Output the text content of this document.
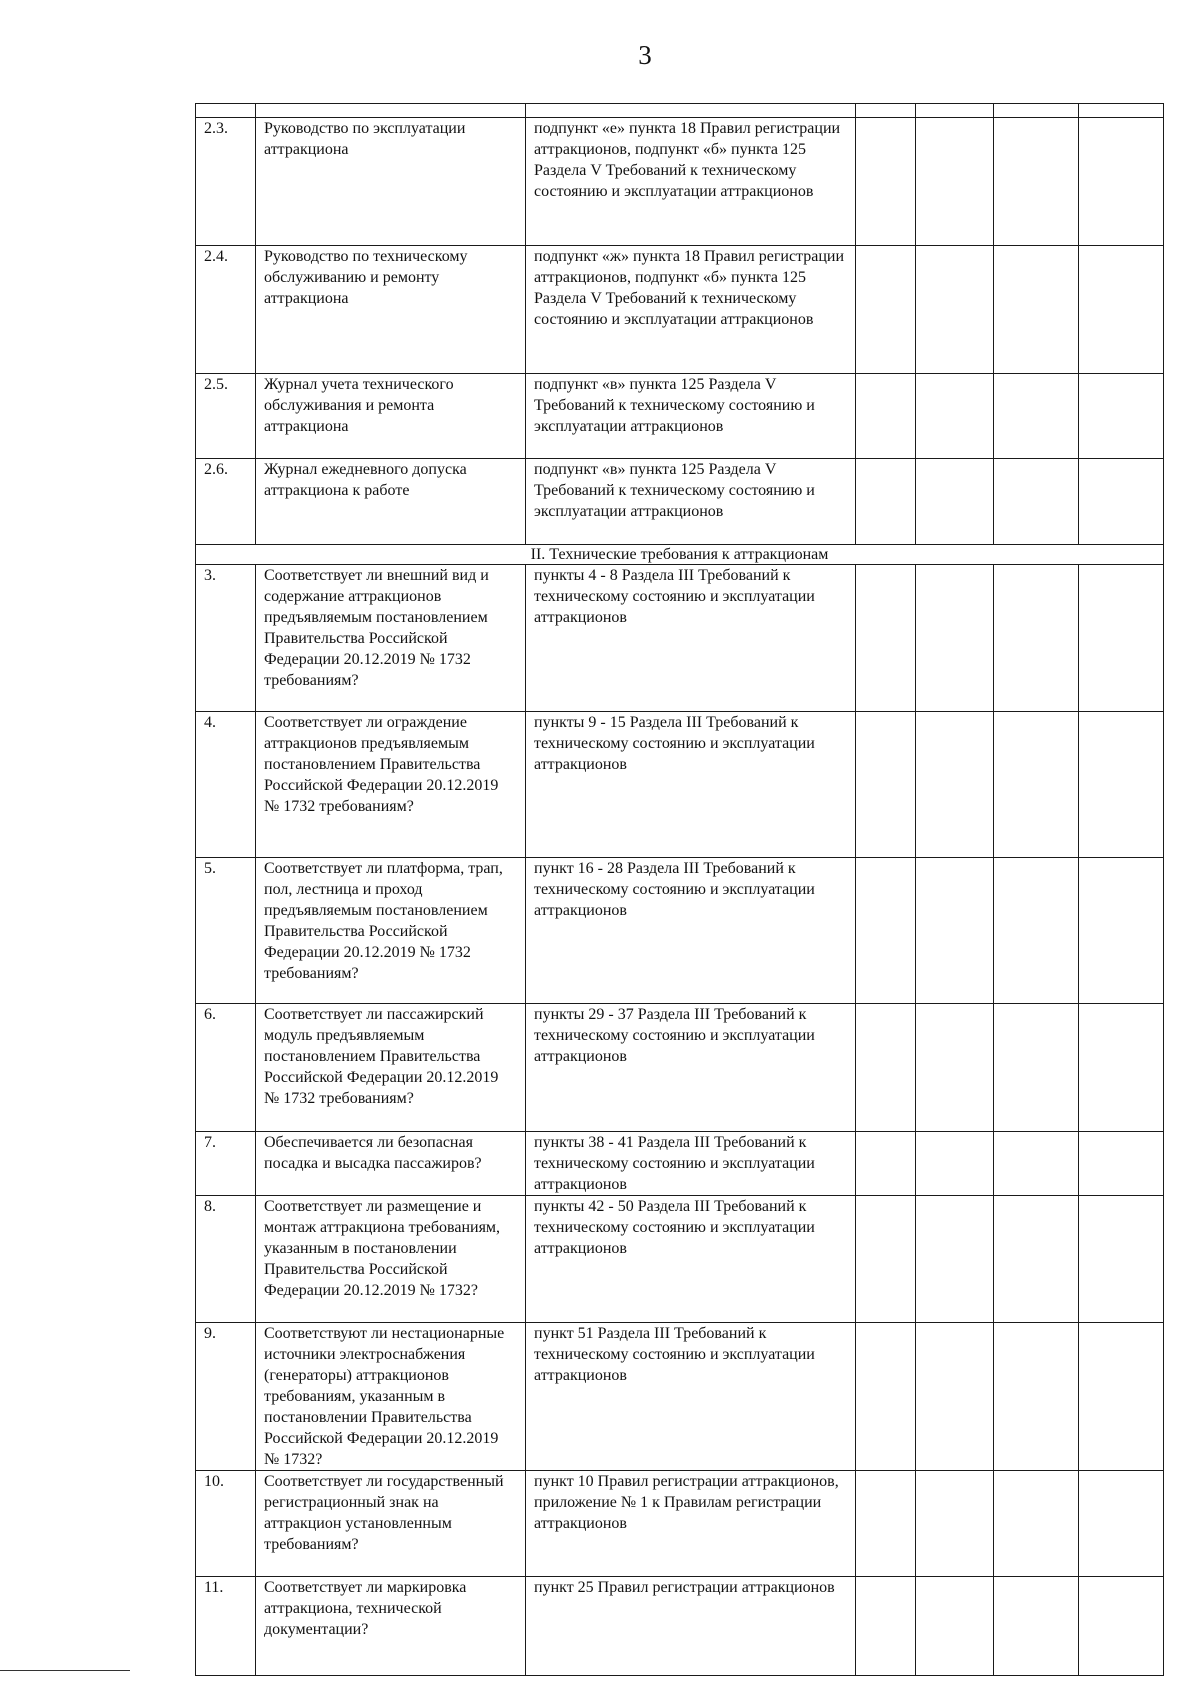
3

2.3.	Руководство по эксплуатации аттракциона	подпункт «е» пункта 18 Правил регистрации аттракционов, подпункт «б» пункта 125 Раздела V Требований к техническому состоянию и эксплуатации аттракционов				
2.4.	Руководство по техническому обслуживанию и ремонту аттракциона	подпункт «ж» пункта 18 Правил регистрации аттракционов, подпункт «б» пункта 125 Раздела V Требований к техническому состоянию и эксплуатации аттракционов				
2.5.	Журнал учета технического обслуживания и ремонта аттракциона	подпункт «в» пункта 125 Раздела V Требований к техническому состоянию и эксплуатации аттракционов				
2.6.	Журнал ежедневного допуска аттракциона к работе	подпункт «в» пункта 125 Раздела V Требований к техническому состоянию и эксплуатации аттракционов				
II. Технические требования к аттракционам						
3.	Соответствует ли внешний вид и содержание аттракционов предъявляемым постановлением Правительства Российской Федерации 20.12.2019 № 1732 требованиям?	пункты 4 - 8 Раздела III Требований к техническому состоянию и эксплуатации аттракционов				
4.	Соответствует ли ограждение аттракционов предъявляемым постановлением Правительства Российской Федерации 20.12.2019 № 1732 требованиям?	пункты 9 - 15 Раздела III Требований к техническому состоянию и эксплуатации аттракционов				
5.	Соответствует ли платформа, трап, пол, лестница и проход предъявляемым постановлением Правительства Российской Федерации 20.12.2019 № 1732 требованиям?	пункт 16 - 28 Раздела III Требований к техническому состоянию и эксплуатации аттракционов				
6.	Соответствует ли пассажирский модуль предъявляемым постановлением Правительства Российской Федерации 20.12.2019 № 1732 требованиям?	пункты 29 - 37 Раздела III Требований к техническому состоянию и эксплуатации аттракционов				
7.	Обеспечивается ли безопасная посадка и высадка пассажиров?	пункты 38 - 41 Раздела III Требований к техническому состоянию и эксплуатации аттракционов				
8.	Соответствует ли размещение и монтаж аттракциона требованиям, указанным в постановлении Правительства Российской Федерации 20.12.2019 № 1732?	пункты 42 - 50 Раздела III Требований к техническому состоянию и эксплуатации аттракционов				
9.	Соответствуют ли нестационарные источники электроснабжения (генераторы) аттракционов требованиям, указанным в постановлении Правительства Российской Федерации 20.12.2019 № 1732?	пункт 51 Раздела III Требований к техническому состоянию и эксплуатации аттракционов				
10.	Соответствует ли государственный регистрационный знак на аттракцион установленным требованиям?	пункт 10 Правил регистрации аттракционов, приложение № 1 к Правилам регистрации аттракционов				
11.	Соответствует ли маркировка аттракциона, технической документации?	пункт 25 Правил регистрации аттракционов				
